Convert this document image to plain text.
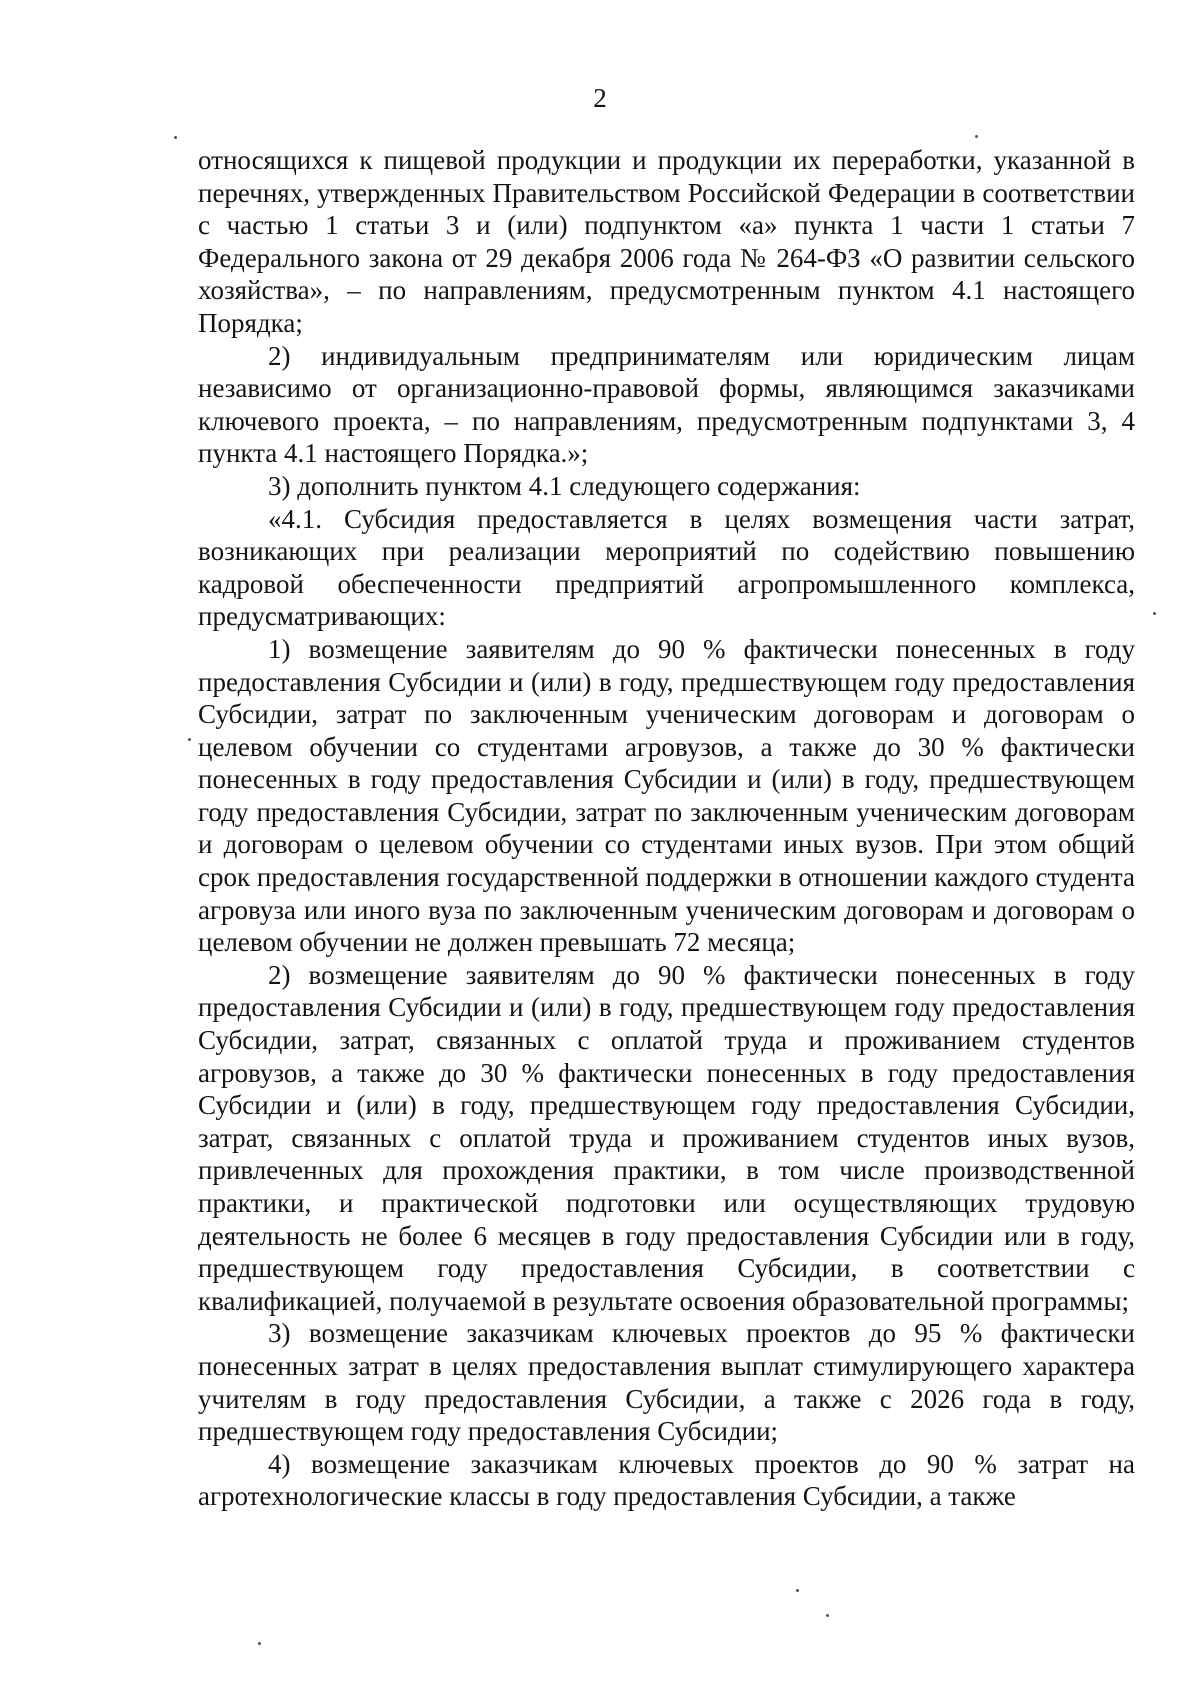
2

относящихся к пищевой продукции и продукции их переработки, указанной в перечнях, утвержденных Правительством Российской Федерации в соответствии с частью 1 статьи 3 и (или) подпунктом «а» пункта 1 части 1 статьи 7 Федерального закона от 29 декабря 2006 года № 264-ФЗ «О развитии сельского хозяйства», – по направлениям, предусмотренным пунктом 4.1 настоящего Порядка;

2) индивидуальным предпринимателям или юридическим лицам независимо от организационно-правовой формы, являющимся заказчиками ключевого проекта, – по направлениям, предусмотренным подпунктами 3, 4 пункта 4.1 настоящего Порядка.»;

3) дополнить пунктом 4.1 следующего содержания:

«4.1. Субсидия предоставляется в целях возмещения части затрат, возникающих при реализации мероприятий по содействию повышению кадровой обеспеченности предприятий агропромышленного комплекса, предусматривающих:

1) возмещение заявителям до 90 % фактически понесенных в году предоставления Субсидии и (или) в году, предшествующем году предоставления Субсидии, затрат по заключенным ученическим договорам и договорам о целевом обучении со студентами агровузов, а также до 30 % фактически понесенных в году предоставления Субсидии и (или) в году, предшествующем году предоставления Субсидии, затрат по заключенным ученическим договорам и договорам о целевом обучении со студентами иных вузов. При этом общий срок предоставления государственной поддержки в отношении каждого студента агровуза или иного вуза по заключенным ученическим договорам и договорам о целевом обучении не должен превышать 72 месяца;

2) возмещение заявителям до 90 % фактически понесенных в году предоставления Субсидии и (или) в году, предшествующем году предоставления Субсидии, затрат, связанных с оплатой труда и проживанием студентов агровузов, а также до 30 % фактически понесенных в году предоставления Субсидии и (или) в году, предшествующем году предоставления Субсидии, затрат, связанных с оплатой труда и проживанием студентов иных вузов, привлеченных для прохождения практики, в том числе производственной практики, и практической подготовки или осуществляющих трудовую деятельность не более 6 месяцев в году предоставления Субсидии или в году, предшествующем году предоставления Субсидии, в соответствии с квалификацией, получаемой в результате освоения образовательной программы;

3) возмещение заказчикам ключевых проектов до 95 % фактически понесенных затрат в целях предоставления выплат стимулирующего характера учителям в году предоставления Субсидии, а также с 2026 года в году, предшествующем году предоставления Субсидии;

4) возмещение заказчикам ключевых проектов до 90 % затрат на агротехнологические классы в году предоставления Субсидии, а также
